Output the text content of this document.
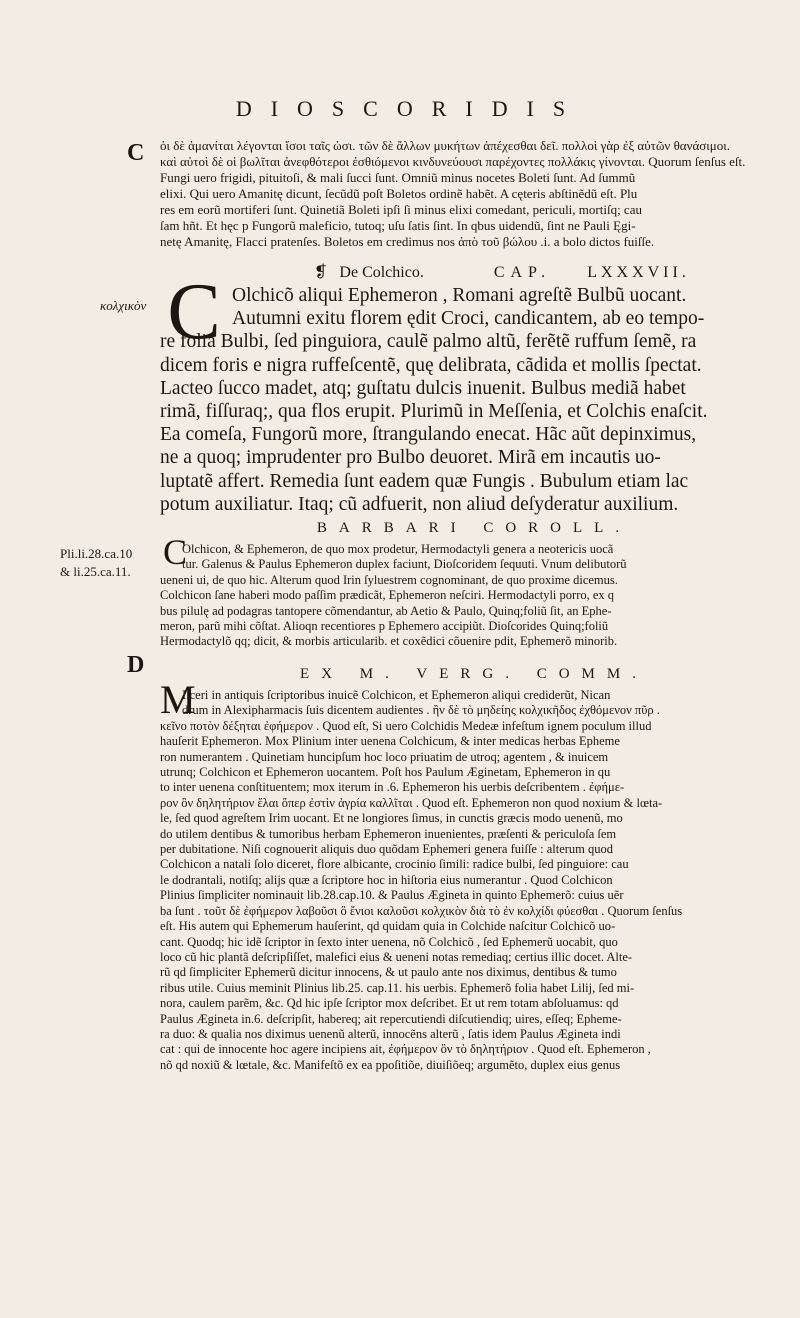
DIOSCORIDIS
C
κολχικὸν
Pli.li.28.ca.10
& li.25.ca.11.
D
ὁι δὲ ἀμανίται λέγονται ἴσοι ταῖς ὠσι. τῶν δὲ ἄλλων μυκήτων ἀπέχεσθαι δεῖ. πολλοὶ γὰρ ἐξ αὐτῶν θανάσιμοι.
καὶ αὐτοὶ δὲ οἱ βωλῖται ἀνεφθότεροι ἐσθιόμενοι κινδυνεύουσι παρέχοντες πολλάκις γίνονται. Quorum ſenſus eſt.
Fungi uero frigidi, pituitoſi, & mali ſucci ſunt. Omniũ minus nocetes Boleti ſunt. Ad ſummũ
elixi. Qui uero Amanitę dicunt, ſecũdũ poſt Boletos ordinẽ habẽt. A cęteris abſtinẽdũ eſt. Plu
res em eorũ mortiferi ſunt. Quinetiã Boleti ipſi ſi minus elixi comedant, periculi, mortiſq; cau
ſam hñt. Et hęc p Fungorũ maleficio, tutoq; uſu ſatis ſint. In qbus uidendũ, ſint ne Pauli Ęgi-
netę Amanitę, Flacci pratenſes. Boletos em credimus nos ἀπὸ τοῦ βώλου .i. a bolo dictos fuiſſe.
❡ De Colchico.	CAP. LXXXVII.
C Olchicõ aliqui Ephemeron , Romani agreſtẽ Bulbũ uocant.
Autumni exitu florem ędit Croci, candicantem, ab eo tempo-
re folia Bulbi, ſed pinguiora, caulẽ palmo altũ, ferẽtẽ ruffum ſemẽ, ra
dicem foris e nigra ruffeſcentẽ, quę delibrata, cãdida et mollis ſpectat.
Lacteo ſucco madet, atq; guſtatu dulcis inuenit. Bulbus mediã habet
rimã, fiſſuraq;, qua flos erupit. Plurimũ in Meſſenia, et Colchis enaſcit.
Ea comeſa, Fungorũ more, ſtrangulando enecat. Hãc aũt depinximus,
ne a quoq; imprudenter pro Bulbo deuoret. Mirã em incautis uo-
luptatẽ affert. Remedia ſunt eadem quæ Fungis . Bubulum etiam lac
potum auxiliatur. Itaq; cũ adfuerit, non aliud deſyderatur auxilium.
BARBARI COROLL.
C
Olchicon, & Ephemeron, de quo mox prodetur, Hermodactyli genera a neotericis uocã
tur. Galenus & Paulus Ephemeron duplex faciunt, Dioſcoridem ſequuti. Vnum delibutorũ
ueneni ui, de quo hic. Alterum quod Irin ſyluestrem cognominant, de quo proxime dicemus.
Colchicon ſane haberi modo paſſim prædicãt, Ephemeron neſciri. Hermodactyli porro, ex q
bus pilulę ad podagras tantopere cõmendantur, ab Aetio & Paulo, Quinq;foliũ ſit, an Ephe-
meron, parũ mihi cõſtat. Alioqn recentiores p Ephemero accipiũt. Dioſcorides Quinq;foliũ
Hermodactylõ qq; dicit, & morbis articularib. et coxẽdici cõuenire pdit, Ephemerõ minorib.
EX M. VERG. COMM.
M
Iſceri in antiquis ſcriptoribus inuicẽ Colchicon, et Ephemeron aliqui crediderũt, Nican
drum in Alexipharmacis ſuis dicentem audientes . ἢν δὲ τὸ μηδείης κολχικῆδος ἐχθόμενον πῦρ .
κεῖνο ποτὸν δέξηται ἐφήμερον . Quod eſt, Si uero Colchidis Medeæ infeſtum ignem poculum illud
hauſerit Ephemeron. Mox Plinium inter uenena Colchicum, & inter medicas herbas Epheme
ron numerantem . Quinetiam huncipſum hoc loco priuatim de utroq; agentem , & inuicem
utrunq; Colchicon et Ephemeron uocantem. Poſt hos Paulum Æginetam, Ephemeron in qu
to inter uenena conſtituentem; mox iterum in .6. Ephemeron his uerbis deſcribentem . ἐφήμε-
ρον ὃν δηλητήριον ἔλαι ὅπερ ἐστὶν ἀγρία καλλῖται . Quod eſt. Ephemeron non quod noxium & lœta-
le, ſed quod agreſtem Irim uocant. Et ne longiores ſimus, in cunctis græcis modo uenenũ, mo
do utilem dentibus & tumoribus herbam Ephemeron inuenientes, præſenti & periculoſa ſem
per dubitatione. Niſi cognouerit aliquis duo quõdam Ephemeri genera fuiſſe : alterum quod
Colchicon a natali ſolo diceret, flore albicante, crocinio ſimili: radice bulbi, ſed pinguiore: cau
le dodrantali, notiſq; alijs quæ a ſcriptore hoc in hiſtoria eius numerantur . Quod Colchicon
Plinius ſimpliciter nominauit lib.28.cap.10. & Paulus Ægineta in quinto Ephemerõ: cuius uẽr
ba ſunt . τοῦτ δὲ ἐφήμερον λαβοῦσι ὃ ἔνιοι καλοῦσι κολχικὸν διὰ τὸ ἐν κολχίδι φύεσθαι . Quorum ſenſus
eſt. His autem qui Ephemerum hauſerint, qd quidam quia in Colchide naſcitur Colchicõ uo-
cant. Quodq; hic idẽ ſcriptor in ſexto inter uenena, nõ Colchicõ , ſed Ephemerũ uocabit, quo
loco cũ hic plantã deſcripſiſſet, malefici eius & ueneni notas remediaq; certius illic docet. Alte-
rũ qd ſimpliciter Ephemerũ dicitur innocens, & ut paulo ante nos diximus, dentibus & tumo
ribus utile. Cuius meminit Plinius lib.25. cap.11. his uerbis. Ephemerõ folia habet Lilij, ſed mi-
nora, caulem parẽm, &c. Qd hic ipſe ſcriptor mox deſcribet. Et ut rem totam abſoluamus: qd
Paulus Ægineta in.6. deſcripſit, habereq; ait repercutiendi diſcutiendiq; uires, eſſeq; Epheme-
ra duo: & qualia nos diximus uenenũ alterũ, innocẽns alterũ , ſatis idem Paulus Ægineta indi
cat : qui de innocente hoc agere incipiens ait, ἐφήμερον ὃν τὸ δηλητήριον . Quod eſt. Ephemeron ,
nõ qd noxiũ & lœtale, &c. Manifeſtõ ex ea ppoſitiõe, diuiſiõeq; argumẽto, duplex eius genus
